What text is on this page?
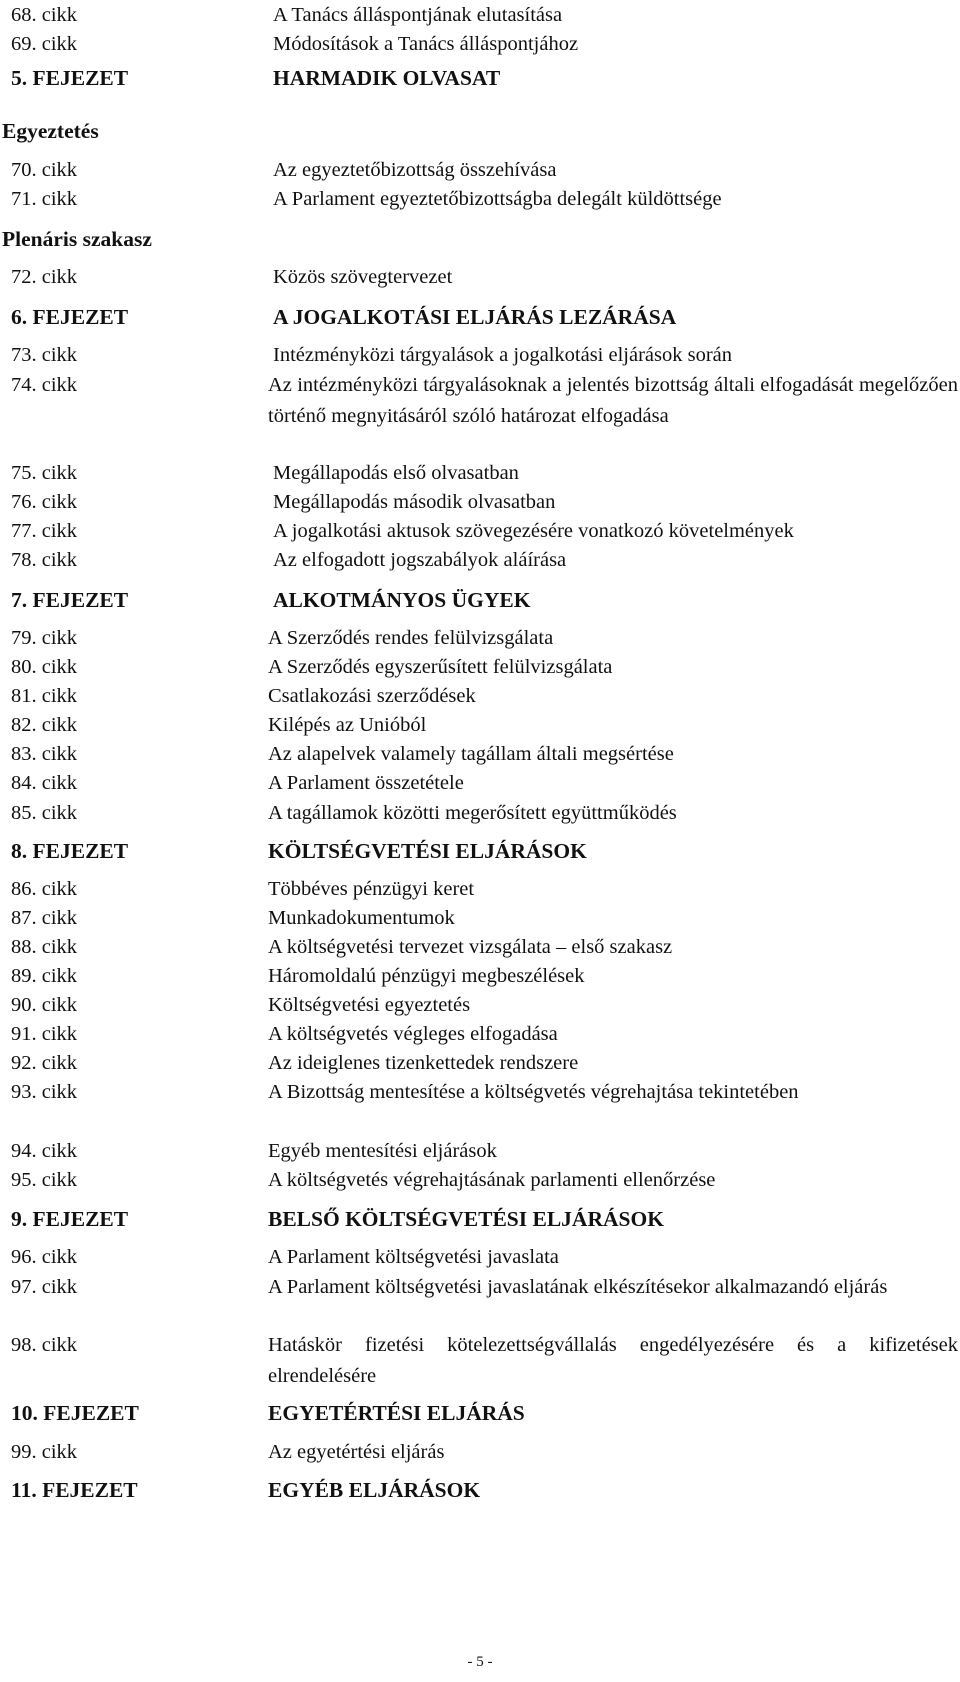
68. cikk	A Tanács álláspontjának elutasítása
69. cikk	Módosítások a Tanács álláspontjához
5. FEJEZET	HARMADIK OLVASAT
Egyeztetés
70. cikk	Az egyeztetőbizottság összehívása
71. cikk	A Parlament egyeztetőbizottságba delegált küldöttsége
Plenáris szakasz
72. cikk	Közös szövegtervezet
6. FEJEZET	A JOGALKOTÁSI ELJÁRÁS LEZÁRÁSA
73. cikk	Intézményközi tárgyalások a jogalkotási eljárások során
74. cikk	Az intézményközi tárgyalásoknak a jelentés bizottság általi elfogadását megelőzően történő megnyitásáról szóló határozat elfogadása
75. cikk	Megállapodás első olvasatban
76. cikk	Megállapodás második olvasatban
77. cikk	A jogalkotási aktusok szövegezésére vonatkozó követelmények
78. cikk	Az elfogadott jogszabályok aláírása
7. FEJEZET	ALKOTMÁNYOS ÜGYEK
79. cikk	A Szerződés rendes felülvizsgálata
80. cikk	A Szerződés egyszerűsített felülvizsgálata
81. cikk	Csatlakozási szerződések
82. cikk	Kilépés az Unióból
83. cikk	Az alapelvek valamely tagállam általi megsértése
84. cikk	A Parlament összetétele
85. cikk	A tagállamok közötti megerősített együttműködés
8. FEJEZET	KÖLTSÉGVETÉSI ELJÁRÁSOK
86. cikk	Többéves pénzügyi keret
87. cikk	Munkadokumentumok
88. cikk	A költségvetési tervezet vizsgálata – első szakasz
89. cikk	Háromoldalú pénzügyi megbeszélések
90. cikk	Költségvetési egyeztetés
91. cikk	A költségvetés végleges elfogadása
92. cikk	Az ideiglenes tizenkettedek rendszere
93. cikk	A Bizottság mentesítése a költségvetés végrehajtása tekintetében
94. cikk	Egyéb mentesítési eljárások
95. cikk	A költségvetés végrehajtásának parlamenti ellenőrzése
9. FEJEZET	BELSŐ KÖLTSÉGVETÉSI ELJÁRÁSOK
96. cikk	A Parlament költségvetési javaslata
97. cikk	A Parlament költségvetési javaslatának elkészítésekor alkalmazandó eljárás
98. cikk	Hatáskör fizetési kötelezettségvállalás engedélyezésére és a kifizetések elrendelésére
10. FEJEZET	EGYETÉRTÉSI ELJÁRÁS
99. cikk	Az egyetértési eljárás
11. FEJEZET	EGYÉB ELJÁRÁSOK
- 5 -
